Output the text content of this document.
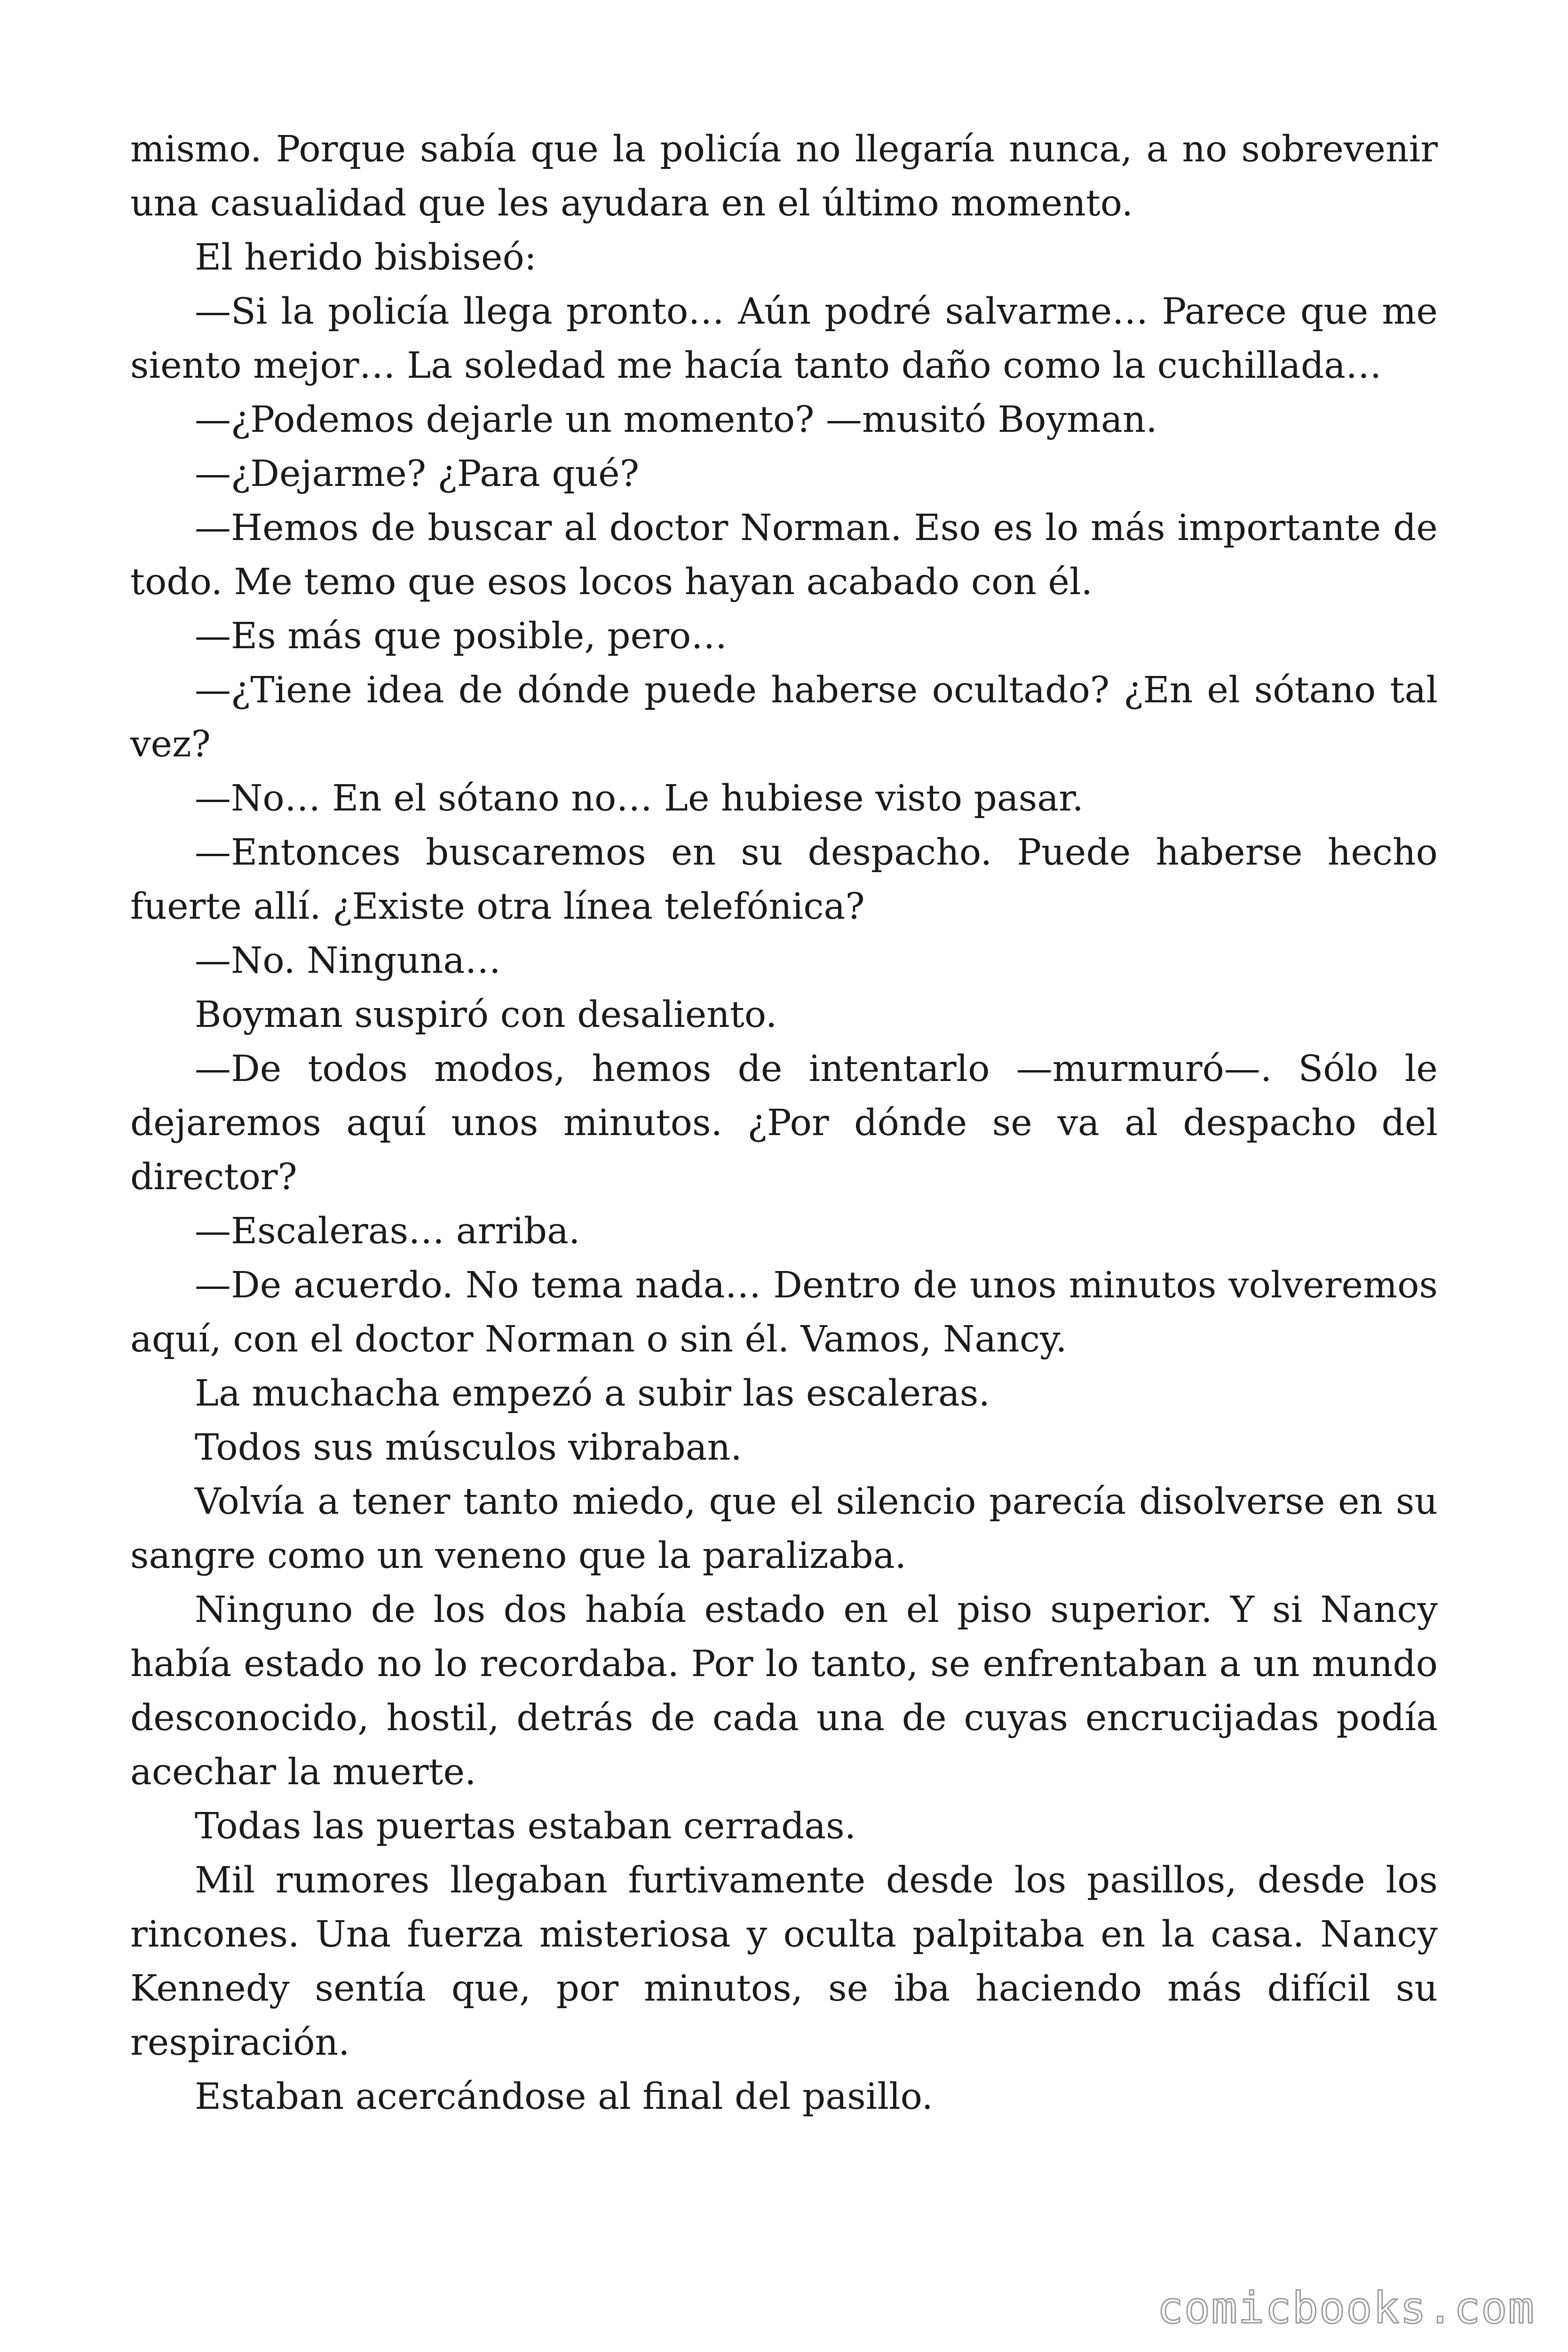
mismo. Porque sabía que la policía no llegaría nunca, a no sobrevenir una casualidad que les ayudara en el último momento.

El herido bisbiseó:

—Si la policía llega pronto… Aún podré salvarme… Parece que me siento mejor… La soledad me hacía tanto daño como la cuchillada…

—¿Podemos dejarle un momento? —musitó Boyman.

—¿Dejarme? ¿Para qué?

—Hemos de buscar al doctor Norman. Eso es lo más importante de todo. Me temo que esos locos hayan acabado con él.

—Es más que posible, pero…

—¿Tiene idea de dónde puede haberse ocultado? ¿En el sótano tal vez?

—No… En el sótano no… Le hubiese visto pasar.

—Entonces buscaremos en su despacho. Puede haberse hecho fuerte allí. ¿Existe otra línea telefónica?

—No. Ninguna…

Boyman suspiró con desaliento.

—De todos modos, hemos de intentarlo —murmuró—. Sólo le dejaremos aquí unos minutos. ¿Por dónde se va al despacho del director?

—Escaleras… arriba.

—De acuerdo. No tema nada… Dentro de unos minutos volveremos aquí, con el doctor Norman o sin él. Vamos, Nancy.

La muchacha empezó a subir las escaleras.

Todos sus músculos vibraban.

Volvía a tener tanto miedo, que el silencio parecía disolverse en su sangre como un veneno que la paralizaba.

Ninguno de los dos había estado en el piso superior. Y si Nancy había estado no lo recordaba. Por lo tanto, se enfrentaban a un mundo desconocido, hostil, detrás de cada una de cuyas encrucijadas podía acechar la muerte.

Todas las puertas estaban cerradas.

Mil rumores llegaban furtivamente desde los pasillos, desde los rincones. Una fuerza misteriosa y oculta palpitaba en la casa. Nancy Kennedy sentía que, por minutos, se iba haciendo más difícil su respiración.

Estaban acercándose al final del pasillo.

comicbooks.com
